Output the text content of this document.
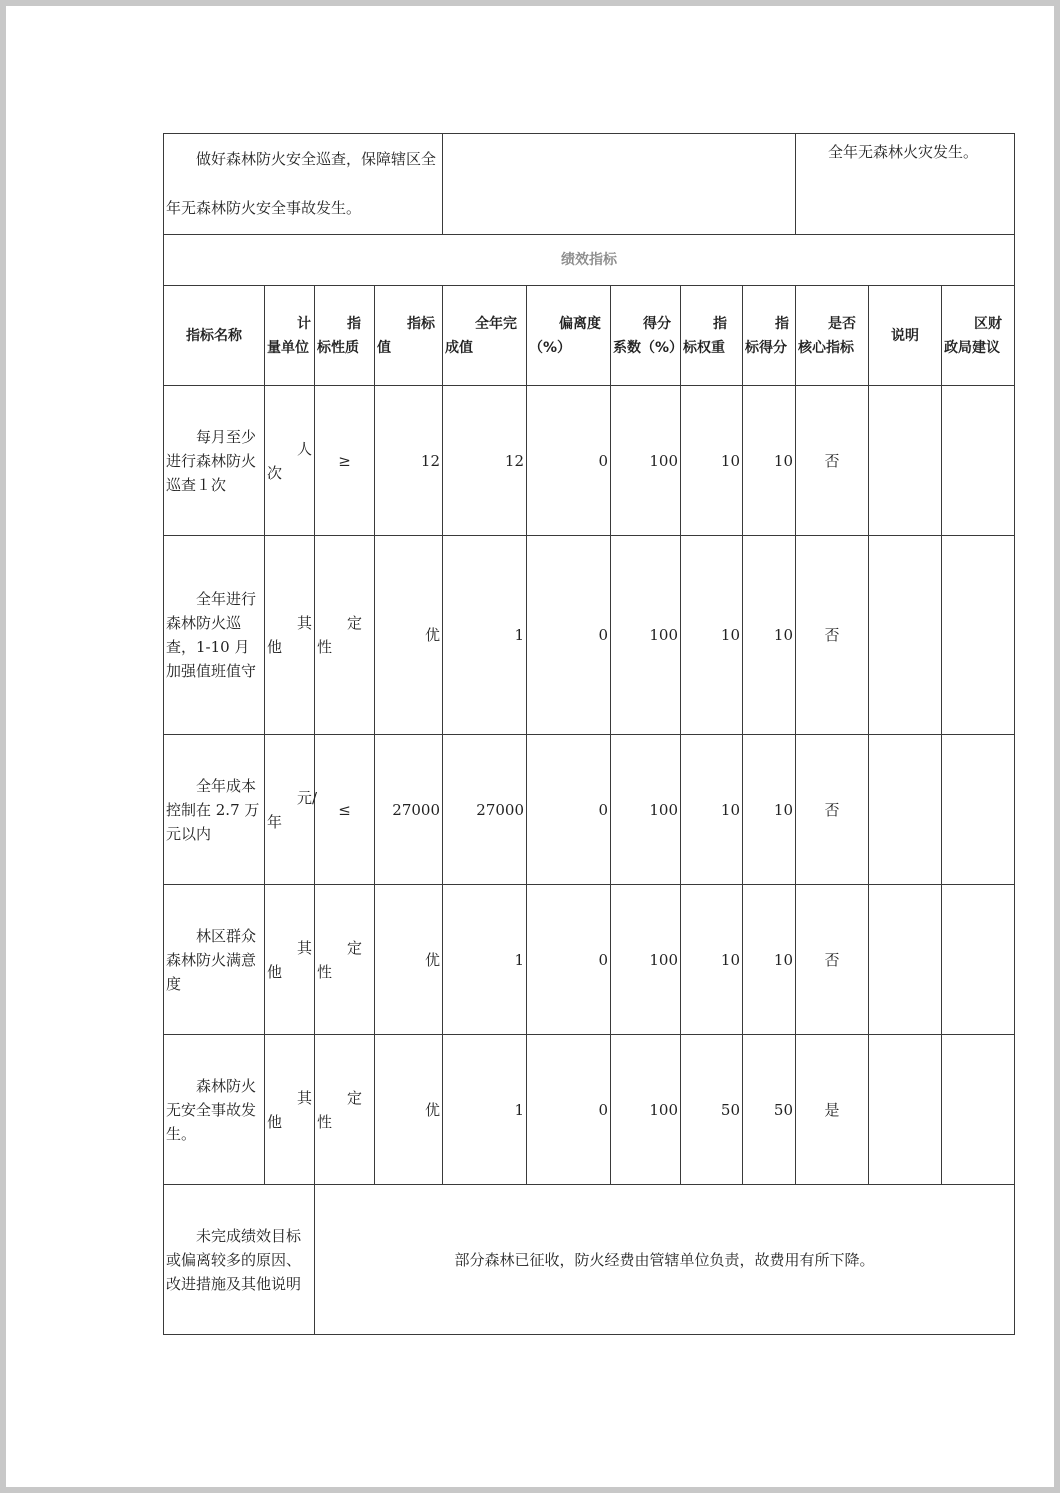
做好森林防火安全巡查，保障辖区全年无森林防火安全事故发生。									全年无森林火灾发生。		
绩效指标											
指标名称	计量单位	指标性质	指标值	全年完成值	偏离度（%）	得分系数（%）	指标权重	指标得分	是否核心指标	说明	区财政局建议
每月至少进行森林防火巡查１次	人次	≥	12	12	0	100	10	10	否		
全年进行森林防火巡查，1-10 月加强值班值守	其他	定性	优	1	0	100	10	10	否		
全年成本控制在 2.7 万元以内	元/年	≤	27000	27000	0	100	10	10	否		
林区群众森林防火满意度	其他	定性	优	1	0	100	10	10	否		
森林防火无安全事故发生。	其他	定性	优	1	0	100	50	50	是		
未完成绩效目标或偏离较多的原因、改进措施及其他说明		部分森林已征收，防火经费由管辖单位负责，故费用有所下降。									
